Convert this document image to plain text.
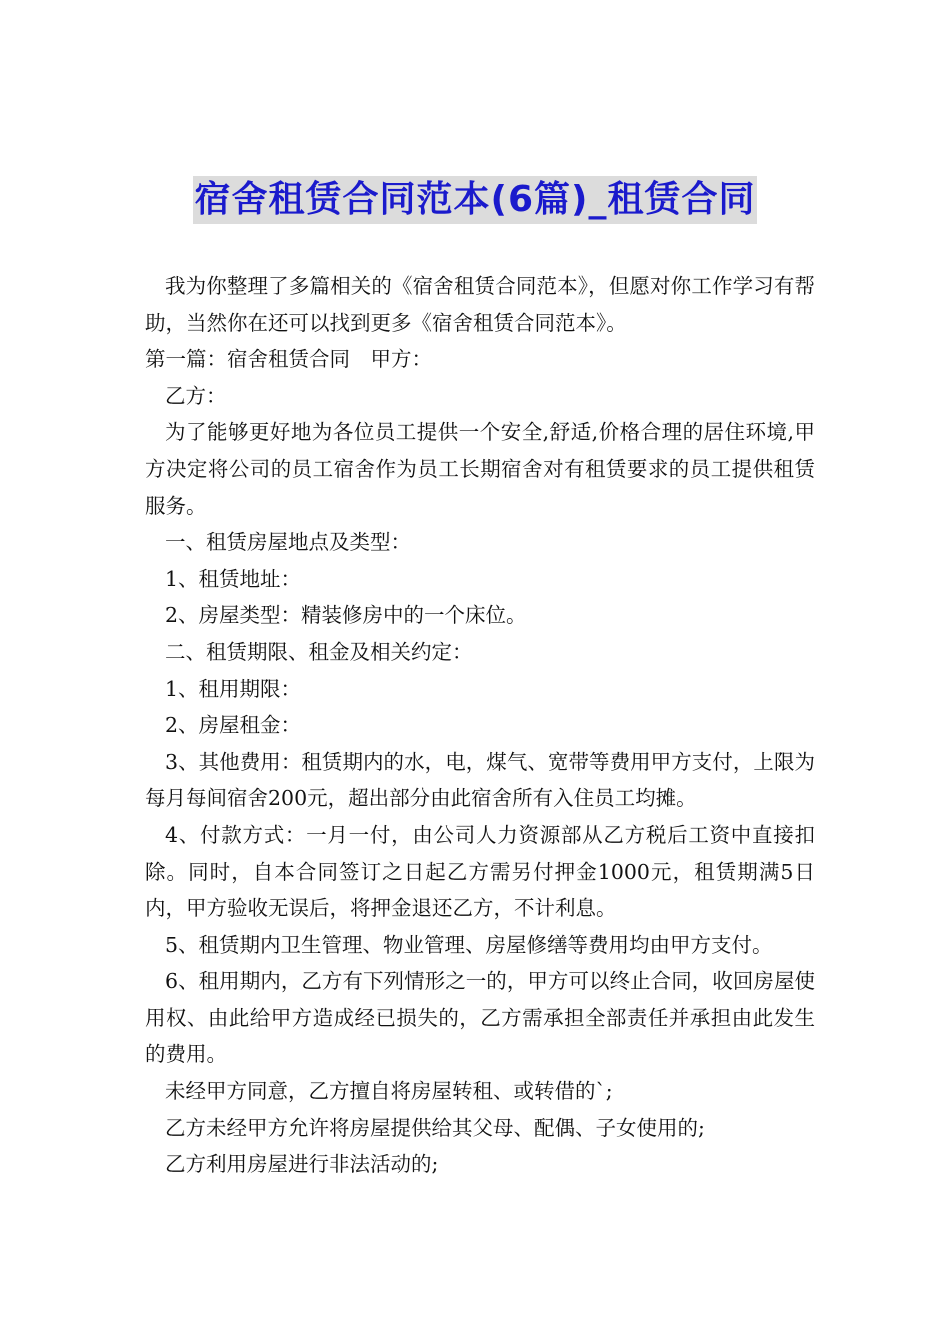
宿舍租赁合同范本(6篇)_租赁合同

我为你整理了多篇相关的《宿舍租赁合同范本》，但愿对你工作学习有帮助，当然你在还可以找到更多《宿舍租赁合同范本》。

第一篇：宿舍租赁合同　甲方：

乙方：

为了能够更好地为各位员工提供一个安全,舒适,价格合理的居住环境,甲方决定将公司的员工宿舍作为员工长期宿舍对有租赁要求的员工提供租赁服务。

一、租赁房屋地点及类型：

1、租赁地址：

2、房屋类型：精装修房中的一个床位。

二、租赁期限、租金及相关约定：

1、租用期限：

2、房屋租金：

3、其他费用：租赁期内的水，电，煤气、宽带等费用甲方支付，上限为每月每间宿舍200元，超出部分由此宿舍所有入住员工均摊。

4、付款方式：一月一付，由公司人力资源部从乙方税后工资中直接扣除。同时，自本合同签订之日起乙方需另付押金1000元，租赁期满5日内，甲方验收无误后，将押金退还乙方，不计利息。

5、租赁期内卫生管理、物业管理、房屋修缮等费用均由甲方支付。

6、租用期内，乙方有下列情形之一的，甲方可以终止合同，收回房屋使用权、由此给甲方造成经已损失的，乙方需承担全部责任并承担由此发生的费用。

未经甲方同意，乙方擅自将房屋转租、或转借的`;

乙方未经甲方允许将房屋提供给其父母、配偶、子女使用的;

乙方利用房屋进行非法活动的;
